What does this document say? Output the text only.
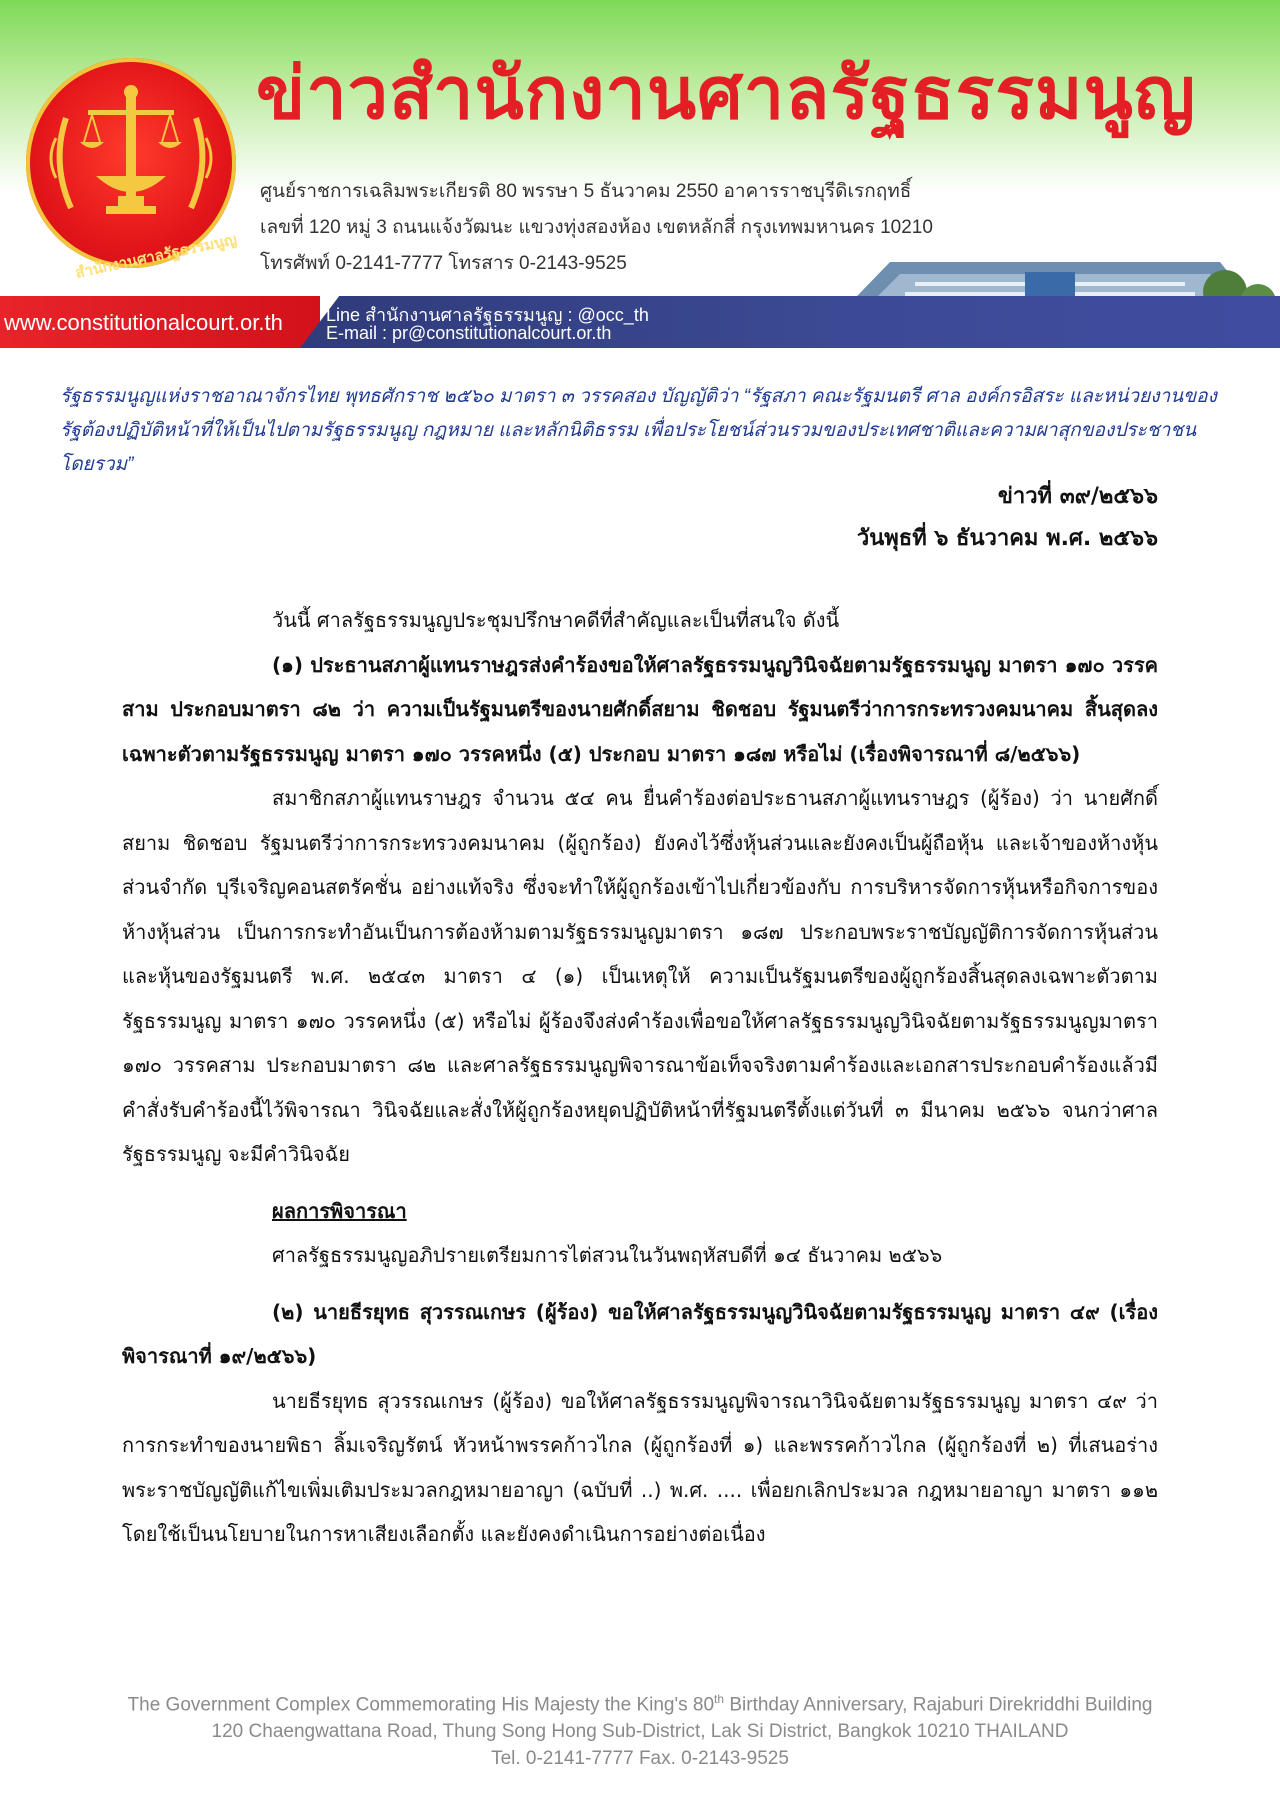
สำนักงานศาลรัฐธรรมนูญ
ข่าวสำนักงานศาลรัฐธรรมนูญ
ศูนย์ราชการเฉลิมพระเกียรติ 80 พรรษา 5 ธันวาคม 2550 อาคารราชบุรีดิเรกฤทธิ์
เลขที่ 120 หมู่ 3 ถนนแจ้งวัฒนะ แขวงทุ่งสองห้อง เขตหลักสี่ กรุงเทพมหานคร 10210
โทรศัพท์ 0-2141-7777 โทรสาร 0-2143-9525
www.constitutionalcourt.or.th Line สำนักงานศาลรัฐธรรมนูญ : @occ_th
E-mail : pr@constitutionalcourt.or.th
รัฐธรรมนูญแห่งราชอาณาจักรไทย พุทธศักราช ๒๕๖๐ มาตรา ๓ วรรคสอง บัญญัติว่า “รัฐสภา คณะรัฐมนตรี ศาล องค์กรอิสระ และหน่วยงานของรัฐต้องปฏิบัติหน้าที่ให้เป็นไปตามรัฐธรรมนูญ กฎหมาย และหลักนิติธรรม เพื่อประโยชน์ส่วนรวมของประเทศชาติและความผาสุกของประชาชนโดยรวม”
ข่าวที่ ๓๙/๒๕๖๖
วันพุธที่ ๖ ธันวาคม พ.ศ. ๒๕๖๖

วันนี้ ศาลรัฐธรรมนูญประชุมปรึกษาคดีที่สำคัญและเป็นที่สนใจ ดังนี้

(๑) ประธานสภาผู้แทนราษฎรส่งคำร้องขอให้ศาลรัฐธรรมนูญวินิจฉัยตามรัฐธรรมนูญ มาตรา ๑๗๐ วรรคสาม ประกอบมาตรา ๘๒ ว่า ความเป็นรัฐมนตรีของนายศักดิ์สยาม ชิดชอบ รัฐมนตรีว่าการกระทรวงคมนาคม สิ้นสุดลงเฉพาะตัวตามรัฐธรรมนูญ มาตรา ๑๗๐ วรรคหนึ่ง (๕) ประกอบ มาตรา ๑๘๗ หรือไม่ (เรื่องพิจารณาที่ ๘/๒๕๖๖)

สมาชิกสภาผู้แทนราษฎร จำนวน ๕๔ คน ยื่นคำร้องต่อประธานสภาผู้แทนราษฎร (ผู้ร้อง) ว่า นายศักดิ์สยาม ชิดชอบ รัฐมนตรีว่าการกระทรวงคมนาคม (ผู้ถูกร้อง) ยังคงไว้ซึ่งหุ้นส่วนและยังคงเป็นผู้ถือหุ้น และเจ้าของห้างหุ้นส่วนจำกัด บุรีเจริญคอนสตรัคชั่น อย่างแท้จริง ซึ่งจะทำให้ผู้ถูกร้องเข้าไปเกี่ยวข้องกับ การบริหารจัดการหุ้นหรือกิจการของห้างหุ้นส่วน เป็นการกระทำอันเป็นการต้องห้ามตามรัฐธรรมนูญมาตรา ๑๘๗ ประกอบพระราชบัญญัติการจัดการหุ้นส่วนและหุ้นของรัฐมนตรี พ.ศ. ๒๕๔๓ มาตรา ๔ (๑) เป็นเหตุให้ ความเป็นรัฐมนตรีของผู้ถูกร้องสิ้นสุดลงเฉพาะตัวตามรัฐธรรมนูญ มาตรา ๑๗๐ วรรคหนึ่ง (๕) หรือไม่ ผู้ร้องจึงส่งคำร้องเพื่อขอให้ศาลรัฐธรรมนูญวินิจฉัยตามรัฐธรรมนูญมาตรา ๑๗๐ วรรคสาม ประกอบมาตรา ๘๒ และศาลรัฐธรรมนูญพิจารณาข้อเท็จจริงตามคำร้องและเอกสารประกอบคำร้องแล้วมีคำสั่งรับคำร้องนี้ไว้พิจารณา วินิจฉัยและสั่งให้ผู้ถูกร้องหยุดปฏิบัติหน้าที่รัฐมนตรีตั้งแต่วันที่ ๓ มีนาคม ๒๕๖๖ จนกว่าศาลรัฐธรรมนูญ จะมีคำวินิจฉัย

ผลการพิจารณา

ศาลรัฐธรรมนูญอภิปรายเตรียมการไต่สวนในวันพฤหัสบดีที่ ๑๔ ธันวาคม ๒๕๖๖

(๒) นายธีรยุทธ สุวรรณเกษร (ผู้ร้อง) ขอให้ศาลรัฐธรรมนูญวินิจฉัยตามรัฐธรรมนูญ มาตรา ๔๙ (เรื่องพิจารณาที่ ๑๙/๒๕๖๖)

นายธีรยุทธ สุวรรณเกษร (ผู้ร้อง) ขอให้ศาลรัฐธรรมนูญพิจารณาวินิจฉัยตามรัฐธรรมนูญ มาตรา ๔๙ ว่า การกระทำของนายพิธา ลิ้มเจริญรัตน์ หัวหน้าพรรคก้าวไกล (ผู้ถูกร้องที่ ๑) และพรรคก้าวไกล (ผู้ถูกร้องที่ ๒) ที่เสนอร่างพระราชบัญญัติแก้ไขเพิ่มเติมประมวลกฎหมายอาญา (ฉบับที่ ..) พ.ศ. .... เพื่อยกเลิกประมวล กฎหมายอาญา มาตรา ๑๑๒ โดยใช้เป็นนโยบายในการหาเสียงเลือกตั้ง และยังคงดำเนินการอย่างต่อเนื่อง

The Government Complex Commemorating His Majesty the King's 80th Birthday Anniversary, Rajaburi Direkriddhi Building
120 Chaengwattana Road, Thung Song Hong Sub-District, Lak Si District, Bangkok 10210 THAILAND
Tel. 0-2141-7777 Fax. 0-2143-9525
